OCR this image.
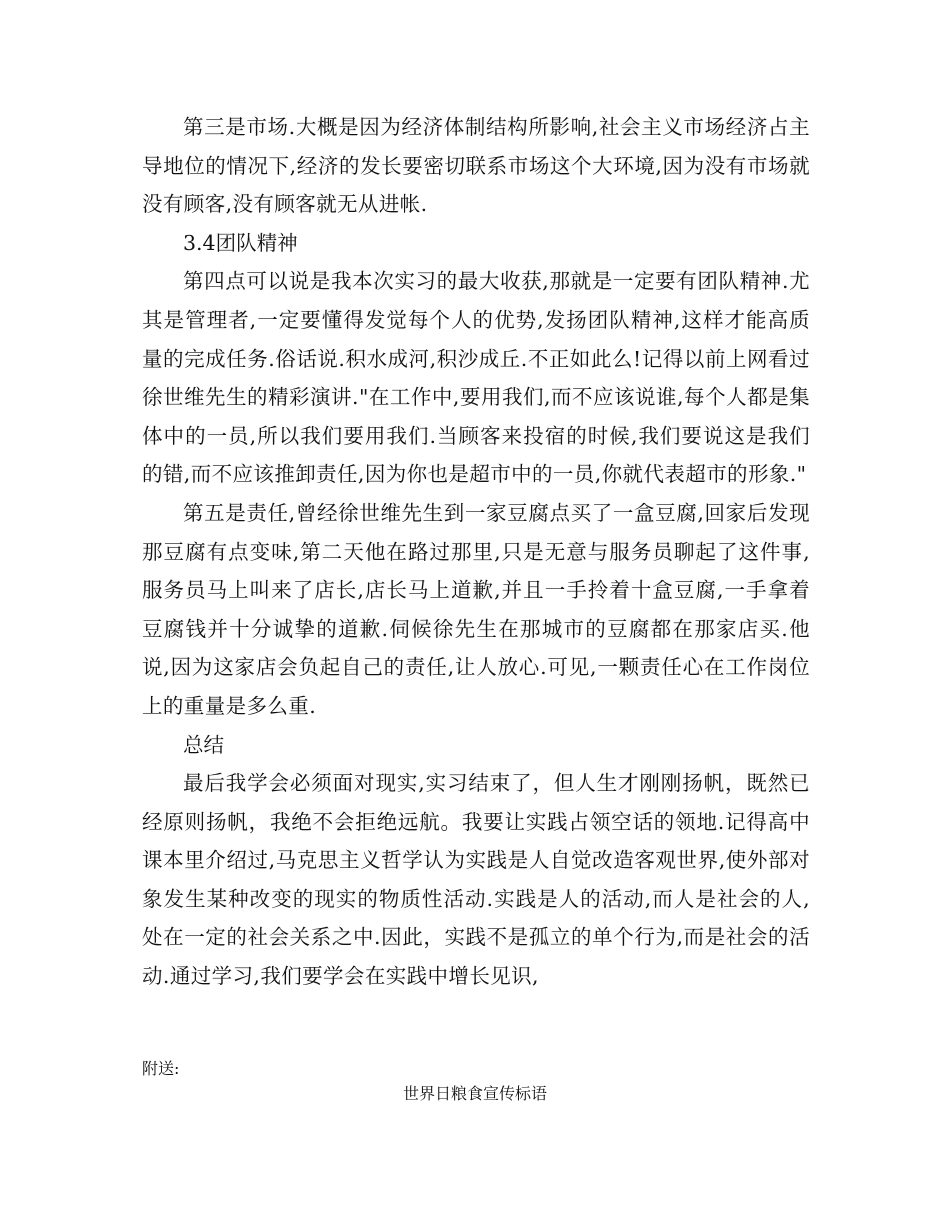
第三是市场.大概是因为经济体制结构所影响,社会主义市场经济占主导地位的情况下,经济的发长要密切联系市场这个大环境,因为没有市场就没有顾客,没有顾客就无从进帐.

3.4团队精神

第四点可以说是我本次实习的最大收获,那就是一定要有团队精神.尤其是管理者,一定要懂得发觉每个人的优势,发扬团队精神,这样才能高质量的完成任务.俗话说.积水成河,积沙成丘.不正如此么!记得以前上网看过徐世维先生的精彩演讲."在工作中,要用我们,而不应该说谁,每个人都是集体中的一员,所以我们要用我们.当顾客来投宿的时候,我们要说这是我们的错,而不应该推卸责任,因为你也是超市中的一员,你就代表超市的形象."

第五是责任,曾经徐世维先生到一家豆腐点买了一盒豆腐,回家后发现那豆腐有点变味,第二天他在路过那里,只是无意与服务员聊起了这件事,服务员马上叫来了店长,店长马上道歉,并且一手拎着十盒豆腐,一手拿着豆腐钱并十分诚挚的道歉.伺候徐先生在那城市的豆腐都在那家店买.他说,因为这家店会负起自己的责任,让人放心.可见,一颗责任心在工作岗位上的重量是多么重.

总结

最后我学会必须面对现实,实习结束了，但人生才刚刚扬帆，既然已经原则扬帆，我绝不会拒绝远航。我要让实践占领空话的领地.记得高中课本里介绍过,马克思主义哲学认为实践是人自觉改造客观世界,使外部对象发生某种改变的现实的物质性活动.实践是人的活动,而人是社会的人,处在一定的社会关系之中.因此，实践不是孤立的单个行为,而是社会的活动.通过学习,我们要学会在实践中增长见识,

附送:

世界日粮食宣传标语
